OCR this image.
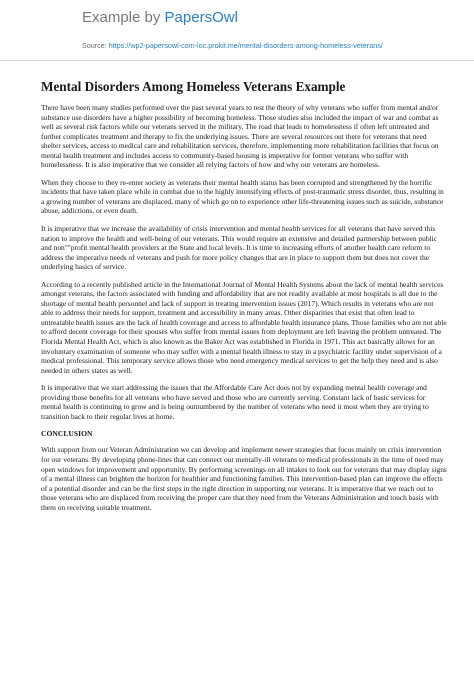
Example by PapersOwl
Source: https://wp2-papersowl-com-loc.prokit.me/mental-disorders-among-homeless-veterans/
Mental Disorders Among Homeless Veterans Example

There have been many studies performed over the past several years to test the theory of why veterans who suffer from mental and/or substance use disorders have a higher possibility of becoming homeless. Those studies also included the impact of war and combat as well as several risk factors while our veterans served in the military. The road that leads to homelessness if often left untreated and further complicates treatment and therapy to fix the underlying issues. There are several resources out there for veterans that need shelter services, access to medical care and rehabilitation services, therefore, implementing more rehabilitation facilities that focus on mental health treatment and includes access to community-based housing is imperative for former veterans who suffer with homelessness. It is also imperative that we consider all relying factors of how and why our veterans are homeless.

When they choose to they re-enter society as veterans their mental health status has been corrupted and strengthened by the horrific incidents that have taken place while in combat due to the highly intensifying effects of post-traumatic stress disorder, thus, resulting in a growing number of veterans are displaced, many of which go on to experience other life-threatening issues such as suicide, substance abuse, addictions, or even death.

It is imperative that we increase the availability of crisis intervention and mental health services for all veterans that have served this nation to improve the health and well-being of our veterans. This would require an extensive and detailed partnership between public and non""profit mental health providers at the State and local levels. It is time to increasing efforts of another health care reform to address the imperative needs of veterans and push for more policy changes that are in place to support them but does not cover the underlying basics of service.

According to a recently published article in the International Journal of Mental Health Systems about the lack of mental health services amongst veterans, the factors associated with funding and affordability that are not readily available at most hospitals is all due to the shortage of mental health personnel and lack of support in treating intervention issues (2017). Which results in veterans who are not able to address their needs for support, treatment and accessibility in many areas. Other disparities that exist that often lead to untreatable health issues are the lack of health coverage and access to affordable health insurance plans. Those families who are not able to afford decent coverage for their spouses who suffer from mental issues from deployment are left leaving the problem untreated. The Florida Mental Health Act, which is also known as the Baker Act was established in Florida in 1971. This act basically allows for an involuntary examination of someone who may suffer with a mental health illness to stay in a psychiatric facility under supervision of a medical professional. This temporary service allows those who need emergency medical services to get the help they need and is also needed in others states as well.

It is imperative that we start addressing the issues that the Affordable Care Act does not by expanding mental health coverage and providing those benefits for all veterans who have served and those who are currently serving. Constant lack of basic services for mental health is continuing to grow and is being outnumbered by the number of veterans who need it most when they are trying to transition back to their regular lives at home.

CONCLUSION

With support from our Veteran Administration we can develop and implement newer strategies that focus mainly on crisis intervention for our veterans. By developing phone-lines that can connect our mentally-ill veterans to medical professionals in the time of need may open windows for improvement and opportunity. By performing screenings on all intakes to look out for veterans that may display signs of a mental illness can brighten the horizon for healthier and functioning families. This intervention-based plan can improve the effects of a potential disorder and can be the first steps in the right direction in supporting our veterans. It is imperative that we reach out to those veterans who are displaced from receiving the proper care that they need from the Veterans Administration and touch basis with them on receiving suitable treatment.
